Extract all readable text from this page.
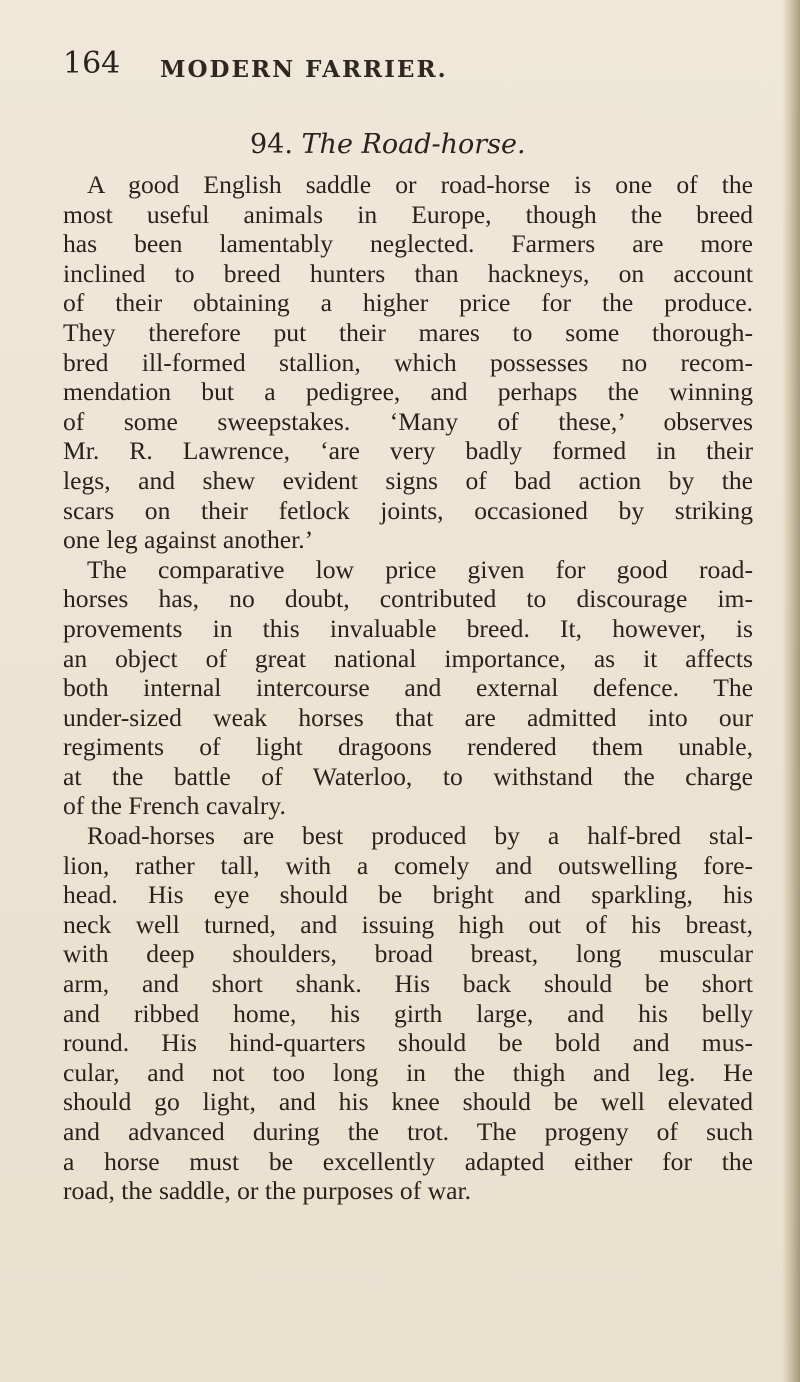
164 MODERN FARRIER.
94. The Road-horse.

A good English saddle or road-horse is one of the
most useful animals in Europe, though the breed
has been lamentably neglected. Farmers are more
inclined to breed hunters than hackneys, on account
of their obtaining a higher price for the produce.
They therefore put their mares to some thorough-
bred ill-formed stallion, which possesses no recom-
mendation but a pedigree, and perhaps the winning
of some sweepstakes. ‘Many of these,’ observes
Mr. R. Lawrence, ‘are very badly formed in their
legs, and shew evident signs of bad action by the
scars on their fetlock joints, occasioned by striking
one leg against another.’

The comparative low price given for good road-
horses has, no doubt, contributed to discourage im-
provements in this invaluable breed. It, however, is
an object of great national importance, as it affects
both internal intercourse and external defence. The
under-sized weak horses that are admitted into our
regiments of light dragoons rendered them unable,
at the battle of Waterloo, to withstand the charge
of the French cavalry.

Road-horses are best produced by a half-bred stal-
lion, rather tall, with a comely and outswelling fore-
head. His eye should be bright and sparkling, his
neck well turned, and issuing high out of his breast,
with deep shoulders, broad breast, long muscular
arm, and short shank. His back should be short
and ribbed home, his girth large, and his belly
round. His hind-quarters should be bold and mus-
cular, and not too long in the thigh and leg. He
should go light, and his knee should be well elevated
and advanced during the trot. The progeny of such
a horse must be excellently adapted either for the
road, the saddle, or the purposes of war.
